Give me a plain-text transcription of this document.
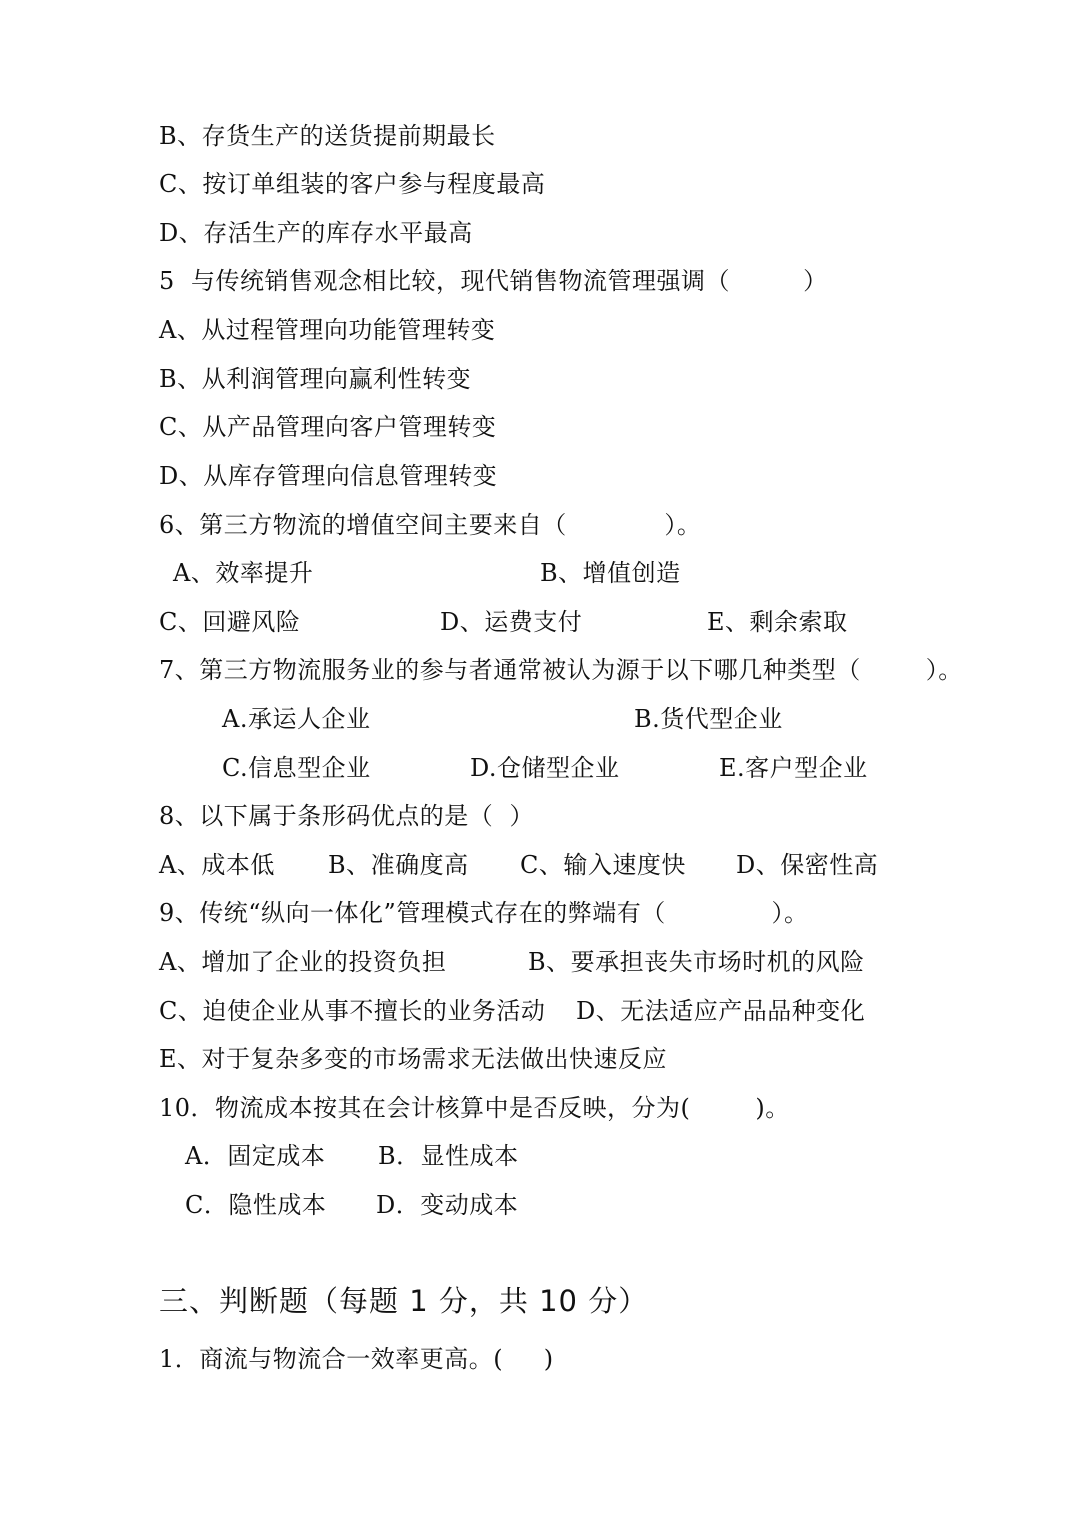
B、存货生产的送货提前期最长
C、按订单组装的客户参与程度最高
D、存活生产的库存水平最高
5  与传统销售观念相比较，现代销售物流管理强调（         ）
A、从过程管理向功能管理转变
B、从利润管理向赢利性转变
C、从产品管理向客户管理转变
D、从库存管理向信息管理转变
6、第三方物流的增值空间主要来自（            ）。
A、效率提升	B、增值创造
C、回避风险	D、运费支付	E、剩余索取
7、第三方物流服务业的参与者通常被认为源于以下哪几种类型（        ）。
A.承运人企业	B.货代型企业
C.信息型企业	D.仓储型企业	E.客户型企业
8、以下属于条形码优点的是（  ）
A、成本低 B、准确度高 C、输入速度快 D、保密性高
9、传统“纵向一体化”管理模式存在的弊端有（             ）。
A、增加了企业的投资负担	B、要承担丧失市场时机的风险
C、迫使企业从事不擅长的业务活动 D、无法适应产品品种变化
E、对于复杂多变的市场需求无法做出快速反应
10．物流成本按其在会计核算中是否反映，分为(        )。
A．固定成本 B．显性成本
C．隐性成本 D．变动成本
三、判断题（每题 1 分，共 10 分）
1．商流与物流合一效率更高。(     )
